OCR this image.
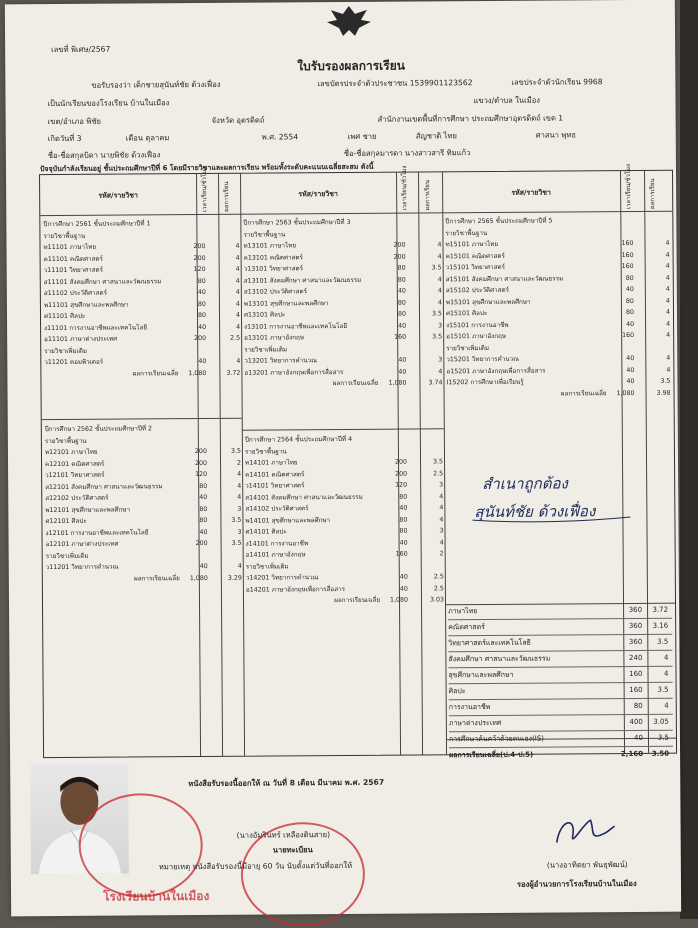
เลขที่ พิเศษ/2567
ใบรับรองผลการเรียน
ขอรับรองว่า เด็กชายสุนันท์ชัย ด้วงเฟื่อง	เลขบัตรประจำตัวประชาชน 1539901123562	เลขประจำตัวนักเรียน 9968
เป็นนักเรียนของโรงเรียน บ้านในเมือง	แขวง/ตำบล ในเมือง
เขต/อำเภอ พิชัย	จังหวัด อุตรดิตถ์	สำนักงานเขตพื้นที่การศึกษา ประถมศึกษาอุตรดิตถ์ เขต 1
เกิดวันที่ 3	เดือน ตุลาคม	พ.ศ. 2554	เพศ ชาย	สัญชาติ ไทย	ศาสนา พุทธ
ชื่อ-ชื่อสกุลบิดา นายพิชัย ด้วงเฟื่อง	ชื่อ-ชื่อสกุลมารดา นางสาวสารี ทิมแก้ว
ปัจจุบันกำลังเรียนอยู่ ชั้นประถมศึกษาปีที่ 6 โดยมีรายวิชาและผลการเรียน พร้อมทั้งระดับคะแนนเฉลี่ยสะสม ดังนี้
รหัส/รายวิชา	เวลาเรียน/ชั่วโมง	ผลการเรียน	รหัส/รายวิชา	เวลาเรียน/ชั่วโมง	ผลการเรียน	รหัส/รายวิชา	เวลาเรียน/ชั่วโมง	ผลการเรียน
ปีการศึกษา 2561 ชั้นประถมศึกษาปีที่ 1
รายวิชาพื้นฐาน
ท11101 ภาษาไทย	200	4
ค11101 คณิตศาสตร์	200	4
ว11101 วิทยาศาสตร์	120	4
ส11101 สังคมศึกษา ศาสนาและวัฒนธรรม	80	4
ส11102 ประวัติศาสตร์	40	4
พ11101 สุขศึกษาและพลศึกษา	80	4
ศ11101 ศิลปะ	80	4
ง11101 การงานอาชีพและเทคโนโลยี	40	4
อ11101 ภาษาต่างประเทศ	200	2.5
รายวิชาเพิ่มเติม
ว11201 คอมพิวเตอร์	40	4
ผลการเรียนเฉลี่ย	1,080	3.72
ปีการศึกษา 2562 ชั้นประถมศึกษาปีที่ 2
รายวิชาพื้นฐาน
ท12101 ภาษาไทย	200	3.5
ค12101 คณิตศาสตร์	200	2
ว12101 วิทยาศาสตร์	120	4
ส12101 สังคมศึกษา ศาสนาและวัฒนธรรม	80	4
ส12102 ประวัติศาสตร์	40	4
พ12101 สุขศึกษาและพลศึกษา	80	3
ศ12101 ศิลปะ	80	3.5
ง12101 การงานอาชีพและเทคโนโลยี	40	3
อ12101 ภาษาต่างประเทศ	200	3.5
รายวิชาเพิ่มเติม
ว11201 วิทยาการคำนวณ	40	4
ผลการเรียนเฉลี่ย	1,080	3.29
ปีการศึกษา 2563 ชั้นประถมศึกษาปีที่ 3
รายวิชาพื้นฐาน
ท13101 ภาษาไทย	200	4
ค13101 คณิตศาสตร์	200	4
ว13101 วิทยาศาสตร์	80	3.5
ส13101 สังคมศึกษา ศาสนาและวัฒนธรรม	80	4
ส13102 ประวัติศาสตร์	40	4
พ13101 สุขศึกษาและพลศึกษา	80	4
ศ13101 ศิลปะ	80	3.5
ง13101 การงานอาชีพและเทคโนโลยี	40	3
อ13101 ภาษาอังกฤษ	160	3.5
รายวิชาเพิ่มเติม
ว13201 วิทยาการคำนวณ	40	3
อ13201 ภาษาอังกฤษเพื่อการสื่อสาร	40	4
ผลการเรียนเฉลี่ย	1,080	3.74
ปีการศึกษา 2564 ชั้นประถมศึกษาปีที่ 4
รายวิชาพื้นฐาน
ท14101 ภาษาไทย	200	3.5
ค14101 คณิตศาสตร์	200	2.5
ว14101 วิทยาศาสตร์	120	3
ส14101 สังคมศึกษา ศาสนาและวัฒนธรรม	80	4
ส14102 ประวัติศาสตร์	40	4
พ14101 สุขศึกษาและพลศึกษา	80	4
ศ14101 ศิลปะ	80	3
ง14101 การงานอาชีพ	40	4
อ14101 ภาษาอังกฤษ	160	2
รายวิชาเพิ่มเติม
ว14201 วิทยาการคำนวณ	40	2.5
อ14201 ภาษาอังกฤษเพื่อการสื่อสาร	40	2.5
ผลการเรียนเฉลี่ย	1,080	3.03
ปีการศึกษา 2565 ชั้นประถมศึกษาปีที่ 5
รายวิชาพื้นฐาน
ท15101 ภาษาไทย	160	4
ค15101 คณิตศาสตร์	160	4
ว15101 วิทยาศาสตร์	160	4
ส15101 สังคมศึกษา ศาสนาและวัฒนธรรม	80	4
ส15102 ประวัติศาสตร์	40	4
พ15101 สุขศึกษาและพลศึกษา	80	4
ศ15101 ศิลปะ	80	4
ง15101 การงานอาชีพ	40	4
อ15101 ภาษาอังกฤษ	160	4
รายวิชาเพิ่มเติม
ว15201 วิทยาการคำนวณ	40	4
อ15201 ภาษาอังกฤษเพื่อการสื่อสาร	40	4
I15202 การศึกษาเพื่อเรียนรู้	40	3.5
ผลการเรียนเฉลี่ย	1,080	3.98
สำเนาถูกต้อง
สุนันท์ชัย ด้วงเฟื่อง
ภาษาไทย	360	3.72
คณิตศาสตร์	360	3.16
วิทยาศาสตร์และเทคโนโลยี	360	3.5
สังคมศึกษา ศาสนาและวัฒนธรรม	240	4
สุขศึกษาและพลศึกษา	160	4
ศิลปะ	160	3.5
การงานอาชีพ	80	4
ภาษาต่างประเทศ	400	3.05
การศึกษาค้นคว้าด้วยตนเอง(IS)	40	3.5
ผลการเรียนเฉลี่ย(ป.4-ป.5)	2,160	3.50
โรงเรียนบ้านในเมือง
หนังสือรับรองนี้ออกให้ ณ วันที่ 8 เดือน มีนาคม พ.ศ. 2567
(นางอัมรินทร์ เหลืองดินสาย)
นายทะเบียน
หมายเหตุ หนังสือรับรองนี้มีอายุ 60 วัน นับตั้งแต่วันที่ออกให้	(นางอาทิตยา พันธุพัฒน์)
รองผู้อำนวยการโรงเรียนบ้านในเมือง
